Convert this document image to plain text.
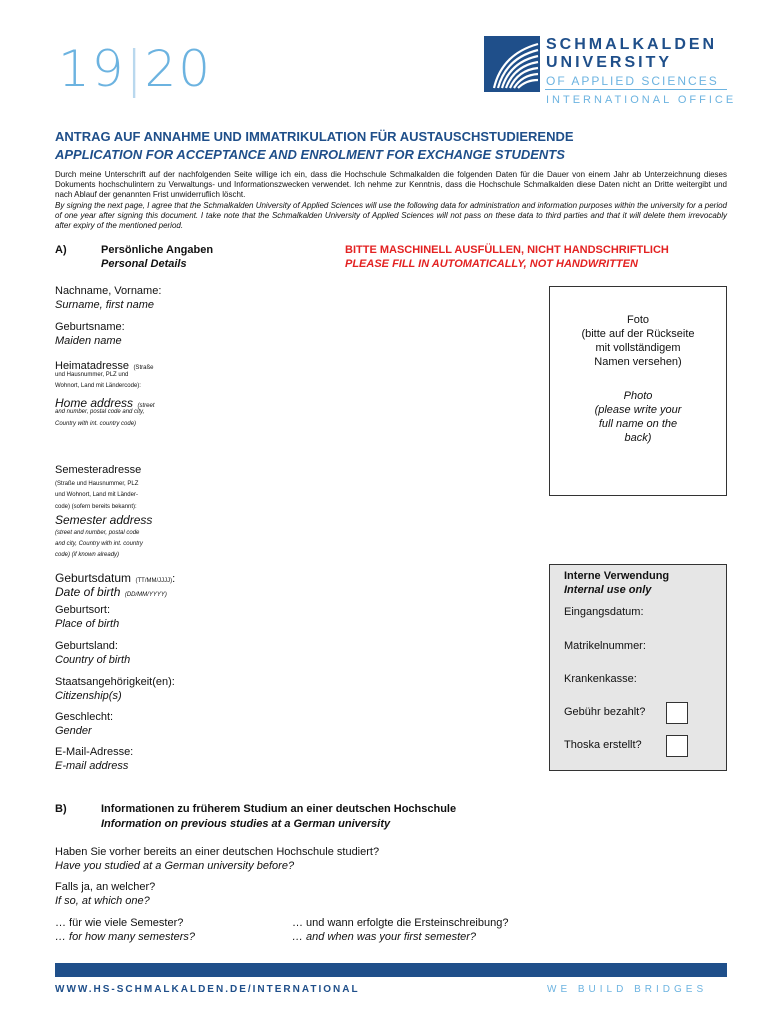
19|20	SCHMALKALDEN
UNIVERSITY
OF APPLIED SCIENCES
INTERNATIONAL OFFICE
ANTRAG AUF ANNAHME UND IMMATRIKULATION FÜR AUSTAUSCHSTUDIERENDE
APPLICATION FOR ACCEPTANCE AND ENROLMENT FOR EXCHANGE STUDENTS
Durch meine Unterschrift auf der nachfolgenden Seite willige ich ein, dass die Hochschule Schmalkalden die folgenden Daten für die Dauer von einem Jahr ab Unterzeichnung dieses Dokuments hochschulintern zu Verwaltungs- und Informationszwecken verwendet. Ich nehme zur Kenntnis, dass die Hochschule Schmalkalden diese Daten nicht an Dritte weitergibt und nach Ablauf der genannten Frist unwiderruflich löscht.
By signing the next page, I agree that the Schmalkalden University of Applied Sciences will use the following data for administration and information purposes within the university for a period of one year after signing this document. I take note that the Schmalkalden University of Applied Sciences will not pass on these data to third parties and that it will delete them irrevocably after expiry of the mentioned period.
A)	Persönliche Angaben
Personal Details
BITTE MASCHINELL AUSFÜLLEN, NICHT HANDSCHRIFTLICH
PLEASE FILL IN AUTOMATICALLY, NOT HANDWRITTEN
Nachname, Vorname:
Surname, first name
Geburtsname:
Maiden name
Heimatadresse (Straße
und Hausnummer, PLZ und
Wohnort, Land mit Ländercode):
Home address (street
and number, postal code and city,
Country with int. country code)
Semesteradresse
(Straße und Hausnummer, PLZ
und Wohnort, Land mit Länder-
code) (sofern bereits bekannt):
Semester address
(street and number, postal code
and city, Country with int. country
code) (if known already)
Geburtsdatum (TT/MM/JJJJ):
Date of birth (DD/MM/YYYY)
Geburtsort:
Place of birth
Geburtsland:
Country of birth
Staatsangehörigkeit(en):
Citizenship(s)
Geschlecht:
Gender
E-Mail-Adresse:
E-mail address
Foto
(bitte auf der Rückseite
mit vollständigem
Namen versehen)
Photo
(please write your
full name on the
back)
Interne Verwendung
Internal use only
Eingangsdatum:
Matrikelnummer:
Krankenkasse:
Gebühr bezahlt?
Thoska erstellt?
B)	Informationen zu früherem Studium an einer deutschen Hochschule
Information on previous studies at a German university
Haben Sie vorher bereits an einer deutschen Hochschule studiert?
Have you studied at a German university before?
Falls ja, an welcher?
If so, at which one?
… für wie viele Semester?
… for how many semesters?
… und wann erfolgte die Ersteinschreibung?
… and when was your first semester?
WWW.HS-SCHMALKALDEN.DE/INTERNATIONAL	WE BUILD BRIDGES
